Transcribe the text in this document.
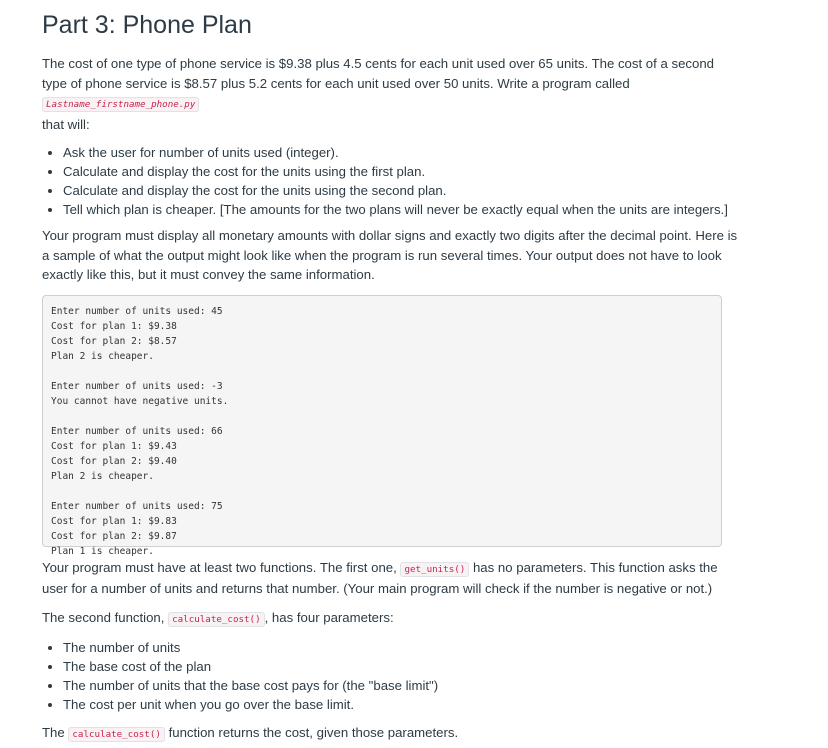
Part 3: Phone Plan

The cost of one type of phone service is $9.38 plus 4.5 cents for each unit used over 65 units. The cost of a second type of phone service is $8.57 plus 5.2 cents for each unit used over 50 units. Write a program called Lastname_firstname_phone.py
that will:

• Ask the user for number of units used (integer).
• Calculate and display the cost for the units using the first plan.
• Calculate and display the cost for the units using the second plan.
• Tell which plan is cheaper. [The amounts for the two plans will never be exactly equal when the units are integers.]

Your program must display all monetary amounts with dollar signs and exactly two digits after the decimal point. Here is a sample of what the output might look like when the program is run several times. Your output does not have to look exactly like this, but it must convey the same information.

Enter number of units used: 45
Cost for plan 1: $9.38
Cost for plan 2: $8.57
Plan 2 is cheaper.
Enter number of units used: -3
You cannot have negative units.
Enter number of units used: 66
Cost for plan 1: $9.43
Cost for plan 2: $9.40
Plan 2 is cheaper.
Enter number of units used: 75
Cost for plan 1: $9.83
Cost for plan 2: $9.87
Plan 1 is cheaper.

Your program must have at least two functions. The first one, get_units() has no parameters. This function asks the user for a number of units and returns that number. (Your main program will check if the number is negative or not.)

The second function, calculate_cost() , has four parameters:

• The number of units
• The base cost of the plan
• The number of units that the base cost pays for (the "base limit")
• The cost per unit when you go over the base limit.

The calculate_cost() function returns the cost, given those parameters.
